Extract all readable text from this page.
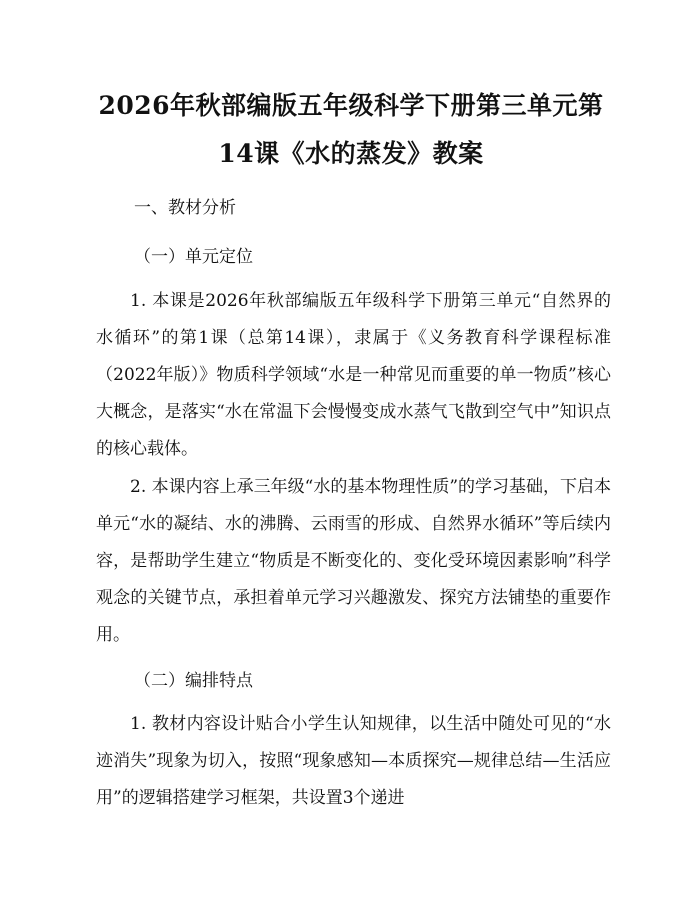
2026年秋部编版五年级科学下册第三单元第
14课《水的蒸发》教案
一、教材分析
（一）单元定位
1. 本课是2026年秋部编版五年级科学下册第三单元“自然界的水循环”的第1课（总第14课），隶属于《义务教育科学课程标准（2022年版）》物质科学领域“水是一种常见而重要的单一物质”核心大概念，是落实“水在常温下会慢慢变成水蒸气飞散到空气中”知识点的核心载体。
2. 本课内容上承三年级“水的基本物理性质”的学习基础，下启本单元“水的凝结、水的沸腾、云雨雪的形成、自然界水循环”等后续内容，是帮助学生建立“物质是不断变化的、变化受环境因素影响”科学观念的关键节点，承担着单元学习兴趣激发、探究方法铺垫的重要作用。
（二）编排特点
1. 教材内容设计贴合小学生认知规律，以生活中随处可见的“水迹消失”现象为切入，按照“现象感知—本质探究—规律总结—生活应用”的逻辑搭建学习框架，共设置3个递进
